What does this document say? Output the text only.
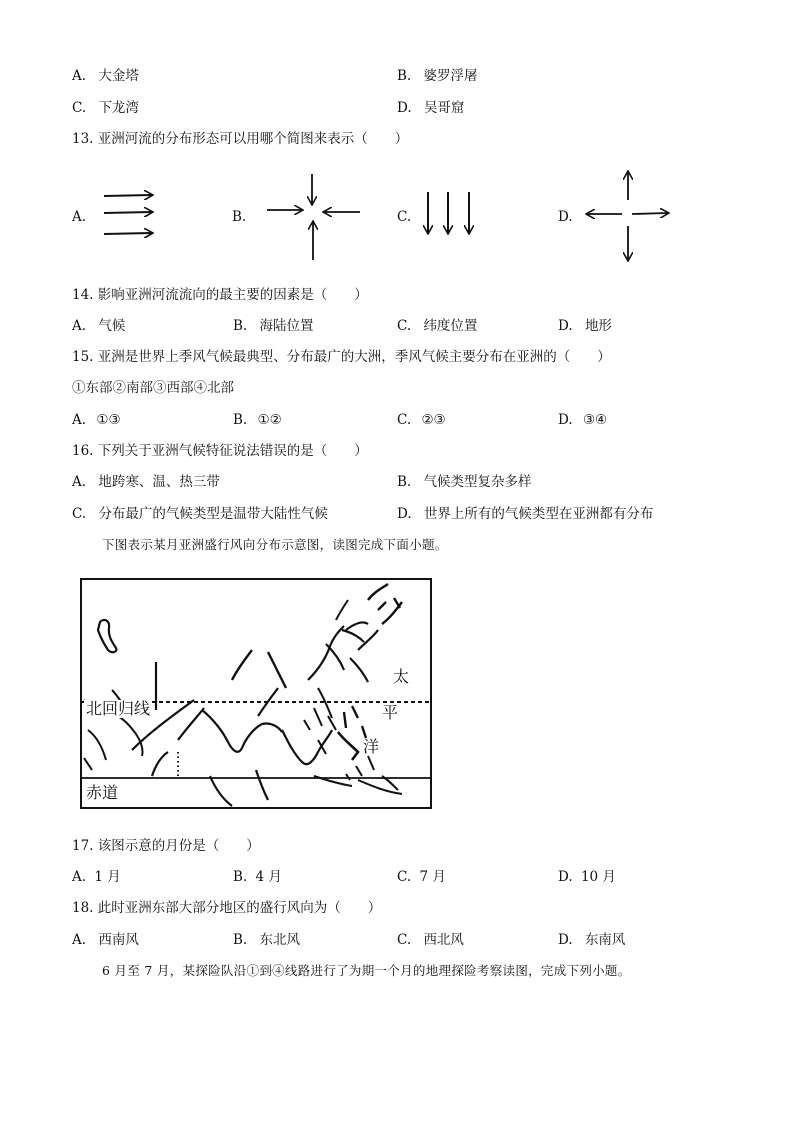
A. 大金塔	B. 婆罗浮屠
C. 下龙湾	D. 吴哥窟
13. 亚洲河流的分布形态可以用哪个简图来表示（　　）
A.	B.	C.	D.
14. 影响亚洲河流流向的最主要的因素是（　　）
A. 气候	B. 海陆位置	C. 纬度位置	D. 地形
15. 亚洲是世界上季风气候最典型、分布最广的大洲，季风气候主要分布在亚洲的（　　）
①东部②南部③西部④北部
A. ①③	B. ①②	C. ②③	D. ③④
16. 下列关于亚洲气候特征说法错误的是（　　）
A. 地跨寒、温、热三带	B. 气候类型复杂多样
C. 分布最广的气候类型是温带大陆性气候	D. 世界上所有的气候类型在亚洲都有分布
下图表示某月亚洲盛行风向分布示意图，读图完成下面小题。
北回归线
赤道
太
平
洋
17. 该图示意的月份是（　　）
A. 1 月	B. 4 月	C. 7 月	D. 10 月
18. 此时亚洲东部大部分地区的盛行风向为（　　）
A. 西南风	B. 东北风	C. 西北风	D. 东南风
6 月至 7 月，某探险队沿①到④线路进行了为期一个月的地理探险考察读图，完成下列小题。
